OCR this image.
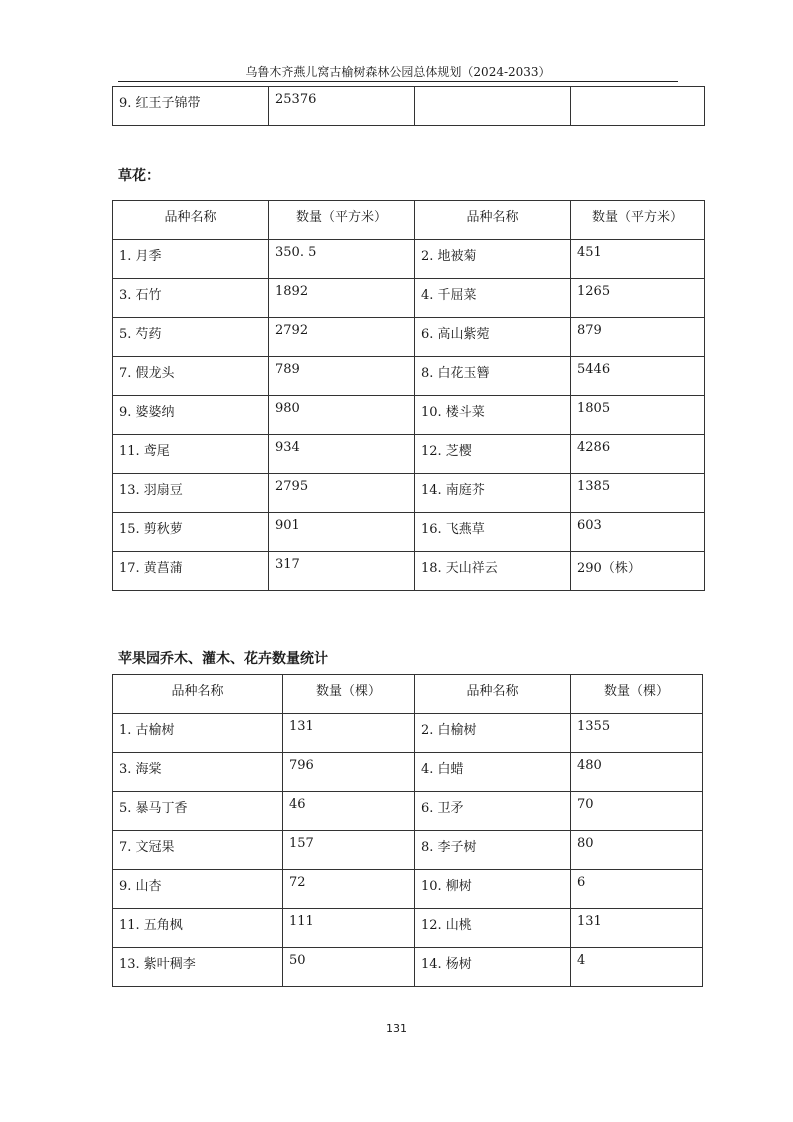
乌鲁木齐燕儿窝古榆树森林公园总体规划（2024-2033）
9. 红王子锦带	25376		
草花：
品种名称	数量（平方米）	品种名称	数量（平方米）
1. 月季	350. 5	2. 地被菊	451
3. 石竹	1892	4. 千屈菜	1265
5. 芍药	2792	6. 高山紫菀	879
7. 假龙头	789	8. 白花玉簪	5446
9. 婆婆纳	980	10. 楼斗菜	1805
11. 鸢尾	934	12. 芝樱	4286
13. 羽扇豆	2795	14. 南庭芥	1385
15. 剪秋萝	901	16. 飞燕草	603
17. 黄菖蒲	317	18. 天山祥云	290（株）
苹果园乔木、灌木、花卉数量统计
品种名称	数量（棵）	品种名称	数量（棵）
1. 古榆树	131	2. 白榆树	1355
3. 海棠	796	4. 白蜡	480
5. 暴马丁香	46	6. 卫矛	70
7. 文冠果	157	8. 李子树	80
9. 山杏	72	10. 柳树	6
11. 五角枫	111	12. 山桃	131
13. 紫叶稠李	50	14. 杨树	4
131
